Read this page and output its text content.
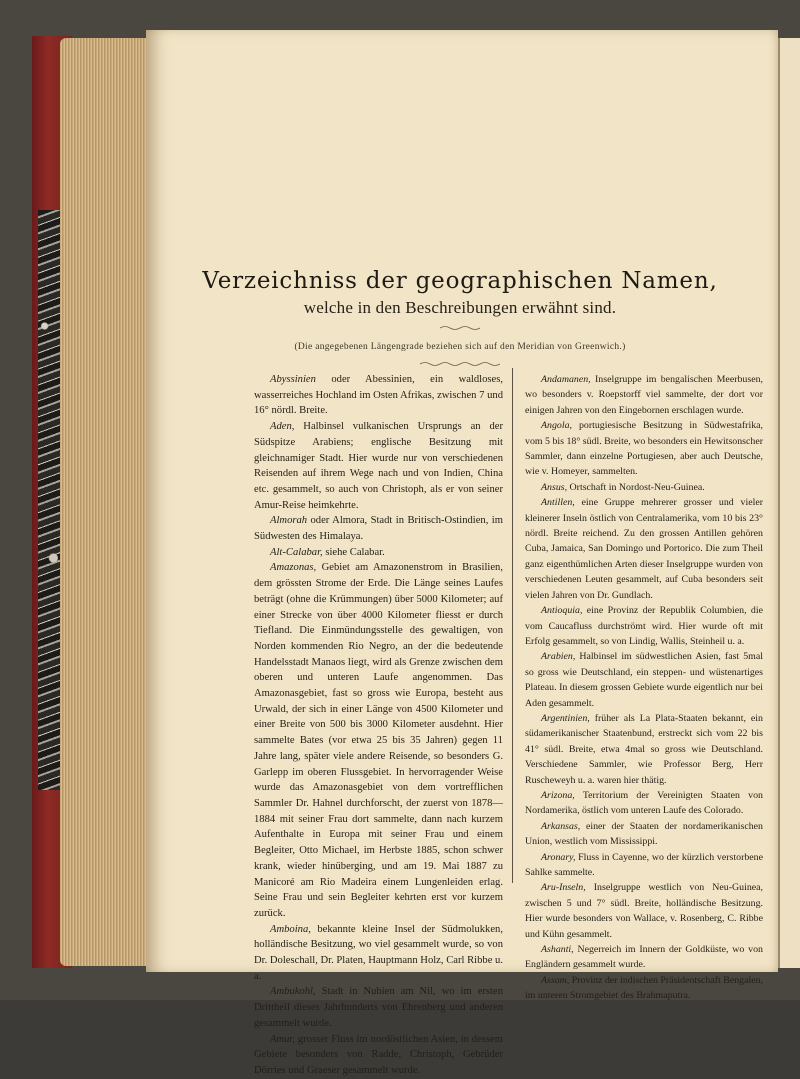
Verzeichniss der geographischen Namen,

welche in den Beschreibungen erwähnt sind.

(Die angegebenen Längengrade beziehen sich auf den Meridian von Greenwich.)

Abyssinien oder Abessinien, ein waldloses, wasserreiches Hochland im Osten Afrikas, zwischen 7 und 16° nördl. Breite.

Aden, Halbinsel vulkanischen Ursprungs an der Südspitze Arabiens; englische Besitzung mit gleichnamiger Stadt. Hier wurde nur von verschiedenen Reisenden auf ihrem Wege nach und von Indien, China etc. gesammelt, so auch von Christoph, als er von seiner Amur-Reise heimkehrte.

Almorah oder Almora, Stadt in Britisch-Ostindien, im Südwesten des Himalaya.

Alt-Calabar, siehe Calabar.

Amazonas, Gebiet am Amazonenstrom in Brasilien, dem grössten Strome der Erde. Die Länge seines Laufes beträgt (ohne die Krümmungen) über 5000 Kilometer; auf einer Strecke von über 4000 Kilometer fliesst er durch Tiefland. Die Einmündungsstelle des gewaltigen, von Norden kommenden Rio Negro, an der die bedeutende Handelsstadt Manaos liegt, wird als Grenze zwischen dem oberen und unteren Laufe angenommen. Das Amazonasgebiet, fast so gross wie Europa, besteht aus Urwald, der sich in einer Länge von 4500 Kilometer und einer Breite von 500 bis 3000 Kilometer ausdehnt. Hier sammelte Bates (vor etwa 25 bis 35 Jahren) gegen 11 Jahre lang, später viele andere Reisende, so besonders G. Garlepp im oberen Flussgebiet. In hervorragender Weise wurde das Amazonasgebiet von dem vortrefflichen Sammler Dr. Hahnel durchforscht, der zuerst von 1878—1884 mit seiner Frau dort sammelte, dann nach kurzem Aufenthalte in Europa mit seiner Frau und einem Begleiter, Otto Michael, im Herbste 1885, schon schwer krank, wieder hinüberging, und am 19. Mai 1887 zu Manicoré am Rio Madeira einem Lungenleiden erlag. Seine Frau und sein Begleiter kehrten erst vor kurzem zurück.

Amboina, bekannte kleine Insel der Südmolukken, holländische Besitzung, wo viel gesammelt wurde, so von Dr. Doleschall, Dr. Platen, Hauptmann Holz, Carl Ribbe u. a.

Ambukohl, Stadt in Nubien am Nil, wo im ersten Drittheil dieses Jahrhunderts von Ehrenberg und anderen gesammelt wurde.

Amur, grosser Fluss im nordöstlichen Asien, in dessem Gebiete besonders von Radde, Christoph, Gebrüder Dörries und Graeser gesammelt wurde.

Andamanen, Inselgruppe im bengalischen Meerbusen, wo besonders v. Roepstorff viel sammelte, der dort vor einigen Jahren von den Eingebornen erschlagen wurde.

Angola, portugiesische Besitzung in Südwestafrika, vom 5 bis 18° südl. Breite, wo besonders ein Hewitsonscher Sammler, dann einzelne Portugiesen, aber auch Deutsche, wie v. Homeyer, sammelten.

Ansus, Ortschaft in Nordost-Neu-Guinea.

Antillen, eine Gruppe mehrerer grosser und vieler kleinerer Inseln östlich von Centralamerika, vom 10 bis 23° nördl. Breite reichend. Zu den grossen Antillen gehören Cuba, Jamaica, San Domingo und Portorico. Die zum Theil ganz eigenthümlichen Arten dieser Inselgruppe wurden von verschiedenen Leuten gesammelt, auf Cuba besonders seit vielen Jahren von Dr. Gundlach.

Antioquia, eine Provinz der Republik Columbien, die vom Caucafluss durchströmt wird. Hier wurde oft mit Erfolg gesammelt, so von Lindig, Wallis, Steinheil u. a.

Arabien, Halbinsel im südwestlichen Asien, fast 5mal so gross wie Deutschland, ein steppen- und wüstenartiges Plateau. In diesem grossen Gebiete wurde eigentlich nur bei Aden gesammelt.

Argentinien, früher als La Plata-Staaten bekannt, ein südamerikanischer Staatenbund, erstreckt sich vom 22 bis 41° südl. Breite, etwa 4mal so gross wie Deutschland. Verschiedene Sammler, wie Professor Berg, Herr Ruscheweyh u. a. waren hier thätig.

Arizona, Territorium der Vereinigten Staaten von Nordamerika, östlich vom unteren Laufe des Colorado.

Arkansas, einer der Staaten der nordamerikanischen Union, westlich vom Mississippi.

Aronary, Fluss in Cayenne, wo der kürzlich verstorbene Sahlke sammelte.

Aru-Inseln, Inselgruppe westlich von Neu-Guinea, zwischen 5 und 7° südl. Breite, holländische Besitzung. Hier wurde besonders von Wallace, v. Rosenberg, C. Ribbe und Kühn gesammelt.

Ashanti, Negerreich im Innern der Goldküste, wo von Engländern gesammelt wurde.

Assam, Provinz der indischen Präsidentschaft Bengalen, im unteren Stromgebiet des Brahmaputra.
